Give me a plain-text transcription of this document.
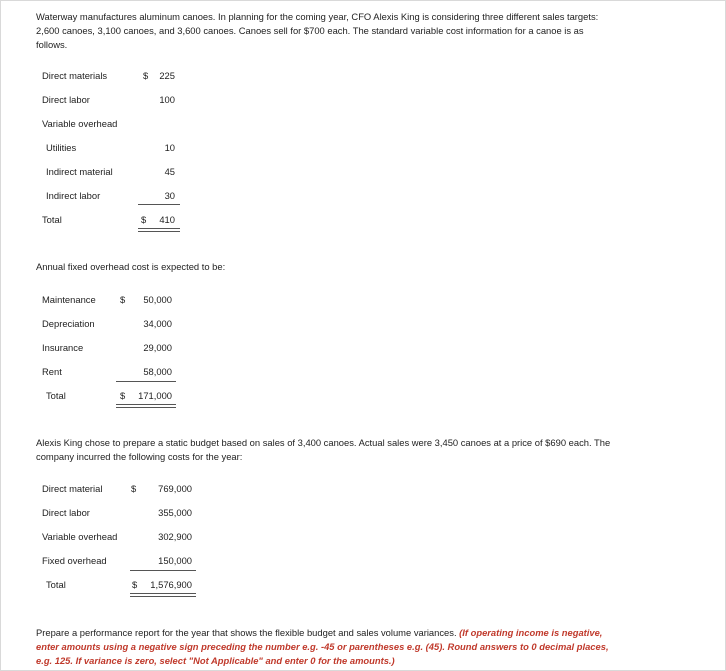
Waterway manufactures aluminum canoes. In planning for the coming year, CFO Alexis King is considering three different sales targets: 2,600 canoes, 3,100 canoes, and 3,600 canoes. Canoes sell for $700 each. The standard variable cost information for a canoe is as follows.

Direct materials	$	225
Direct labor	100
Variable overhead
Utilities	10
Indirect material	45
Indirect labor	30
Total	$	410

Annual fixed overhead cost is expected to be:

Maintenance	$	50,000
Depreciation	34,000
Insurance	29,000
Rent	58,000
Total	$	171,000

Alexis King chose to prepare a static budget based on sales of 3,400 canoes. Actual sales were 3,450 canoes at a price of $690 each. The company incurred the following costs for the year:

Direct material	$	769,000
Direct labor	355,000
Variable overhead	302,900
Fixed overhead	150,000
Total	$	1,576,900

Prepare a performance report for the year that shows the flexible budget and sales volume variances. (If operating income is negative, enter amounts using a negative sign preceding the number e.g. -45 or parentheses e.g. (45). Round answers to 0 decimal places, e.g. 125. If variance is zero, select "Not Applicable" and enter 0 for the amounts.)
